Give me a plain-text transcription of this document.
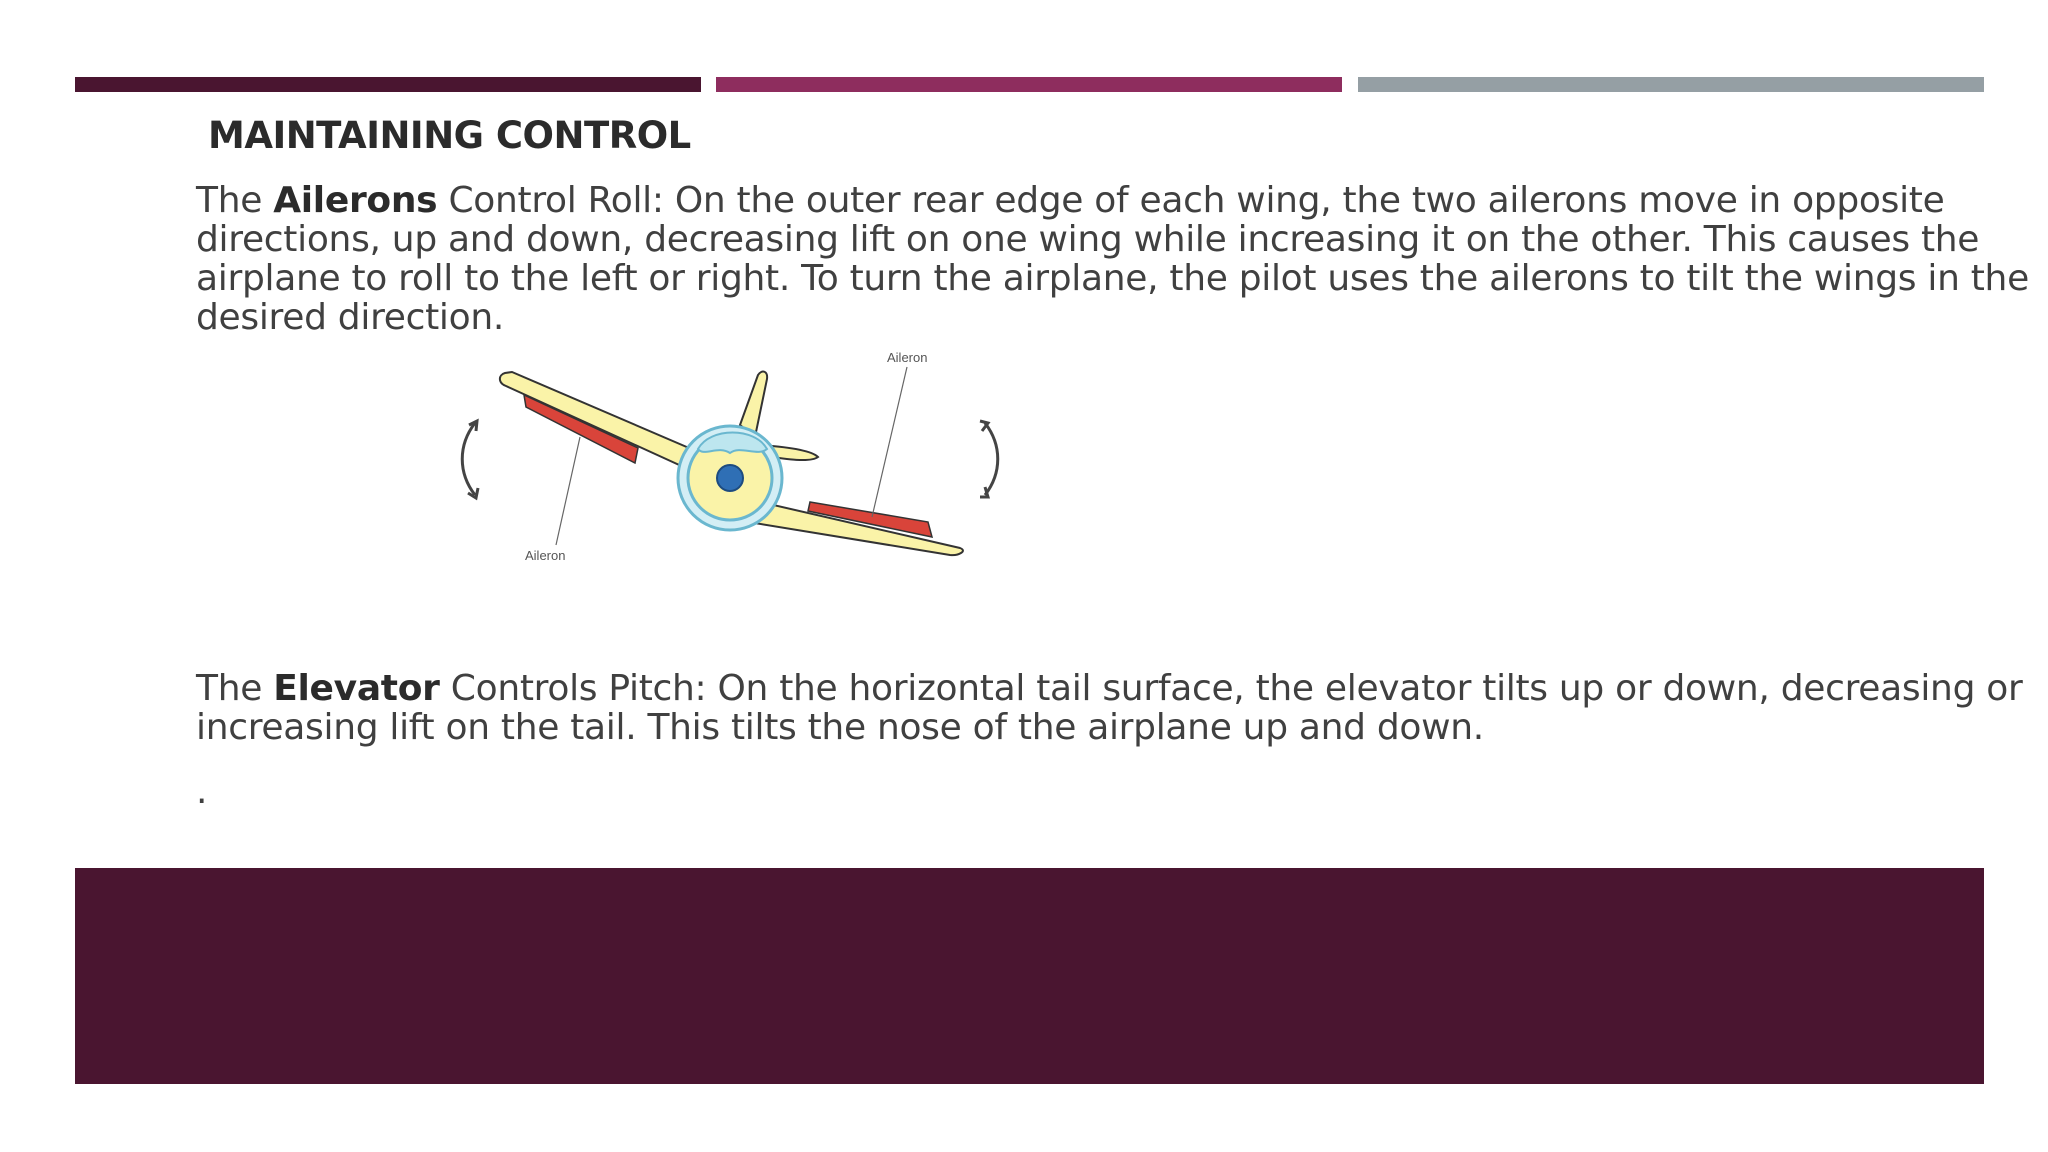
MAINTAINING CONTROL
The Ailerons Control Roll: On the outer rear edge of each wing, the two ailerons move in opposite directions, up and down, decreasing lift on one wing while increasing it on the other. This causes the airplane to roll to the left or right. To turn the airplane, the pilot uses the ailerons to tilt the wings in the desired direction.
Aileron
Aileron
The Elevator Controls Pitch: On the horizontal tail surface, the elevator tilts up or down, decreasing or increasing lift on the tail. This tilts the nose of the airplane up and down.
.
